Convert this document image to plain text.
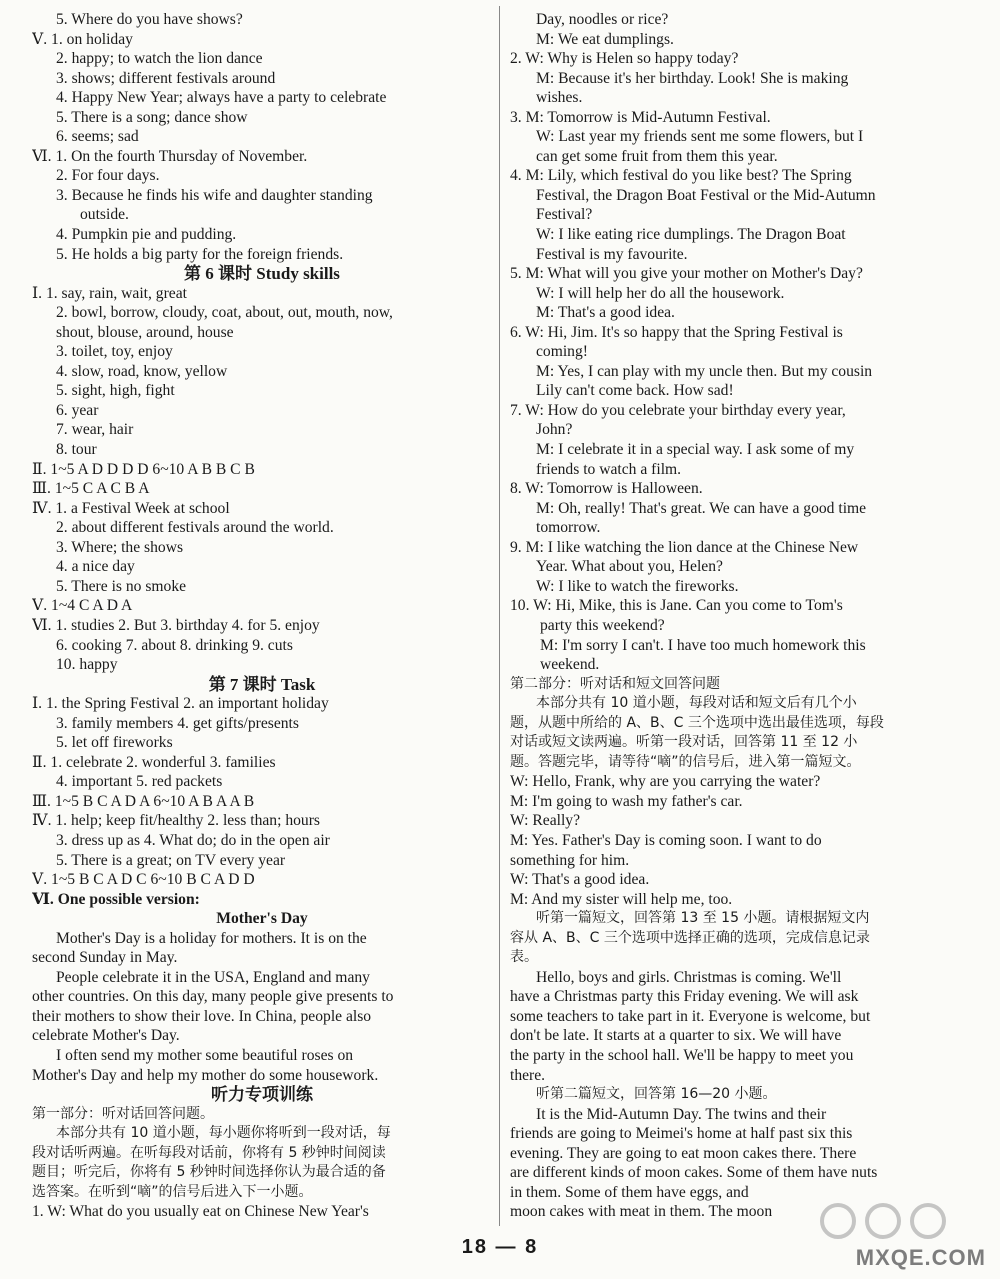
5. Where do you have shows?
Ⅴ. 1. on holiday
2. happy; to watch the lion dance
3. shows; different festivals around
4. Happy New Year; always have a party to celebrate
5. There is a song; dance show
6. seems; sad
Ⅵ. 1. On the fourth Thursday of November.
2. For four days.
3. Because he finds his wife and daughter standing
outside.
4. Pumpkin pie and pudding.
5. He holds a big party for the foreign friends.
第 6 课时 Study skills
Ⅰ. 1. say, rain, wait, great
2. bowl, borrow, cloudy, coat, about, out, mouth, now,
shout, blouse, around, house
3. toilet, toy, enjoy
4. slow, road, know, yellow
5. sight, high, fight
6. year
7. wear, hair
8. tour
Ⅱ. 1~5 A D D D D 6~10 A B B C B
Ⅲ. 1~5 C A C B A
Ⅳ. 1. a Festival Week at school
2. about different festivals around the world.
3. Where; the shows
4. a nice day
5. There is no smoke
Ⅴ. 1~4 C A D A
Ⅵ. 1. studies 2. But 3. birthday 4. for 5. enjoy
6. cooking 7. about 8. drinking 9. cuts
10. happy
第 7 课时 Task
Ⅰ. 1. the Spring Festival 2. an important holiday
3. family members 4. get gifts/presents
5. let off fireworks
Ⅱ. 1. celebrate 2. wonderful 3. families
4. important 5. red packets
Ⅲ. 1~5 B C A D A 6~10 A B A A B
Ⅳ. 1. help; keep fit/healthy 2. less than; hours
3. dress up as 4. What do; do in the open air
5. There is a great; on TV every year
Ⅴ. 1~5 B C A D C 6~10 B C A D D
Ⅵ. One possible version:
Mother's Day
Mother's Day is a holiday for mothers. It is on the
second Sunday in May.
People celebrate it in the USA, England and many
other countries. On this day, many people give presents to
their mothers to show their love. In China, people also
celebrate Mother's Day.
I often send my mother some beautiful roses on
Mother's Day and help my mother do some housework.
听力专项训练
第一部分：听对话回答问题。
本部分共有 10 道小题，每小题你将听到一段对话，每
段对话听两遍。在听每段对话前，你将有 5 秒钟时间阅读
题目；听完后，你将有 5 秒钟时间选择你认为最合适的备
选答案。在听到“嘀”的信号后进入下一小题。
1. W: What do you usually eat on Chinese New Year's
Day, noodles or rice?
M: We eat dumplings.
2. W: Why is Helen so happy today?
M: Because it's her birthday. Look! She is making
wishes.
3. M: Tomorrow is Mid-Autumn Festival.
W: Last year my friends sent me some flowers, but I
can get some fruit from them this year.
4. M: Lily, which festival do you like best? The Spring
Festival, the Dragon Boat Festival or the Mid-Autumn
Festival?
W: I like eating rice dumplings. The Dragon Boat
Festival is my favourite.
5. M: What will you give your mother on Mother's Day?
W: I will help her do all the housework.
M: That's a good idea.
6. W: Hi, Jim. It's so happy that the Spring Festival is
coming!
M: Yes, I can play with my uncle then. But my cousin
Lily can't come back. How sad!
7. W: How do you celebrate your birthday every year,
John?
M: I celebrate it in a special way. I ask some of my
friends to watch a film.
8. W: Tomorrow is Halloween.
M: Oh, really! That's great. We can have a good time
tomorrow.
9. M: I like watching the lion dance at the Chinese New
Year. What about you, Helen?
W: I like to watch the fireworks.
10. W: Hi, Mike, this is Jane. Can you come to Tom's
party this weekend?
M: I'm sorry I can't. I have too much homework this
weekend.
第二部分：听对话和短文回答问题
本部分共有 10 道小题，每段对话和短文后有几个小
题，从题中所给的 A、B、C 三个选项中选出最佳选项，每段
对话或短文读两遍。听第一段对话，回答第 11 至 12 小
题。答题完毕，请等待“嘀”的信号后，进入第一篇短文。
W: Hello, Frank, why are you carrying the water?
M: I'm going to wash my father's car.
W: Really?
M: Yes. Father's Day is coming soon. I want to do
something for him.
W: That's a good idea.
M: And my sister will help me, too.
听第一篇短文，回答第 13 至 15 小题。请根据短文内
容从 A、B、C 三个选项中选择正确的选项，完成信息记录
表。
Hello, boys and girls. Christmas is coming. We'll
have a Christmas party this Friday evening. We will ask
some teachers to take part in it. Everyone is welcome, but
don't be late. It starts at a quarter to six. We will have
the party in the school hall. We'll be happy to meet you
there.
听第二篇短文，回答第 16—20 小题。
It is the Mid-Autumn Day. The twins and their
friends are going to Meimei's home at half past six this
evening. They are going to eat moon cakes there. There
are different kinds of moon cakes. Some of them have nuts
in them. Some of them have eggs, and
moon cakes with meat in them. The moon
18 — 8	MXQE.COM
